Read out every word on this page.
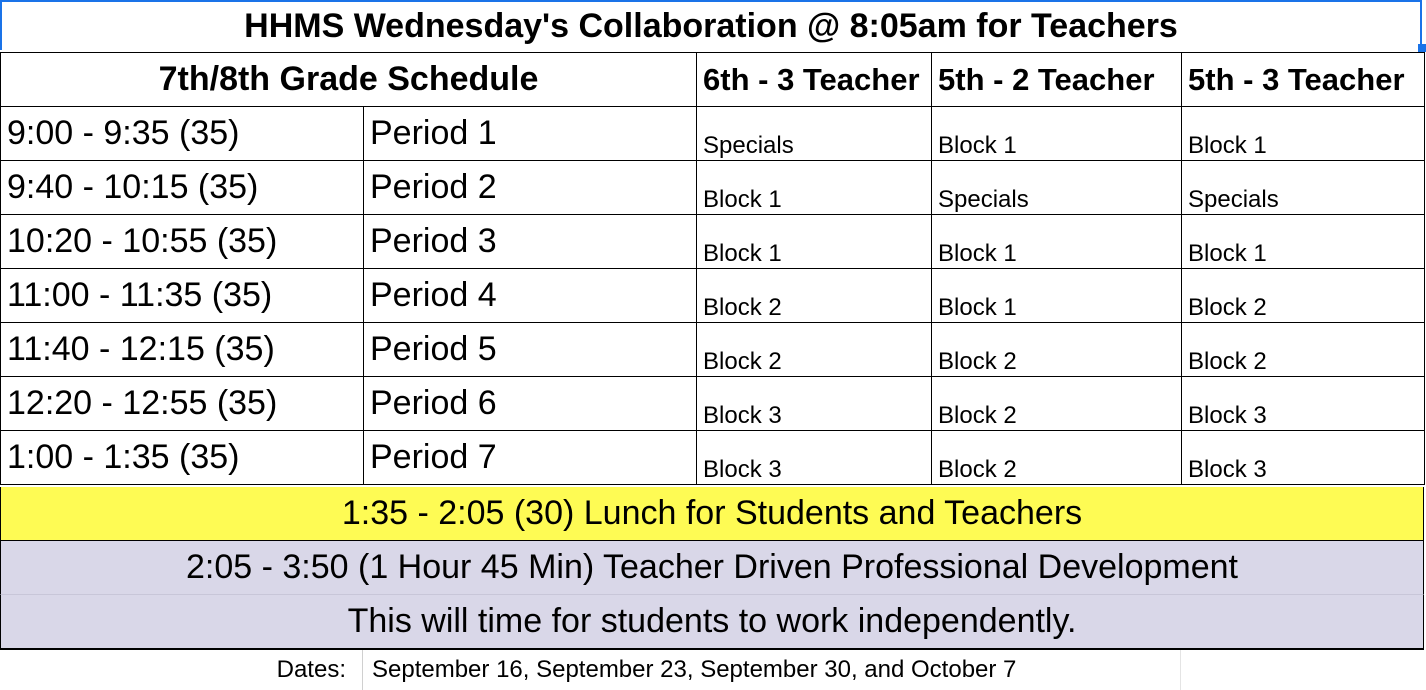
HHMS Wednesday's Collaboration @ 8:05am for Teachers
7th/8th Grade Schedule		6th - 3 Teacher	5th - 2 Teacher	5th - 3 Teacher
9:00 - 9:35 (35)	Period 1	Specials	Block 1	Block 1
9:40 - 10:15 (35)	Period 2	Block 1	Specials	Specials
10:20 - 10:55 (35)	Period 3	Block 1	Block 1	Block 1
11:00 - 11:35 (35)	Period 4	Block 2	Block 1	Block 2
11:40 - 12:15 (35)	Period 5	Block 2	Block 2	Block 2
12:20 - 12:55 (35)	Period 6	Block 3	Block 2	Block 3
1:00 - 1:35 (35)	Period 7	Block 3	Block 2	Block 3
1:35 - 2:05 (30) Lunch for Students and Teachers
2:05 - 3:50 (1 Hour 45 Min) Teacher Driven Professional Development
This will time for students to work independently.
Dates:	September 16, September 23, September 30, and October 7
